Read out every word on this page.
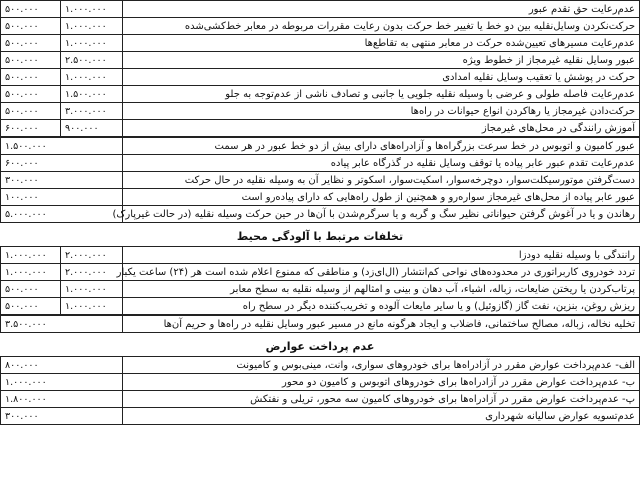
۵۰۰.۰۰۰	۱.۰۰۰.۰۰۰	عدم‌رعایت حق تقدم عبور
۵۰۰.۰۰۰	۱.۰۰۰.۰۰۰	حرکت‌نکردن وسایل‌نقلیه بین دو خط یا تغییر خط حرکت بدون رعایت مقررات مربوطه در معابر خط‌کشی‌شده
۵۰۰.۰۰۰	۱.۰۰۰.۰۰۰	عدم‌رعایت مسیرهای تعیین‌شده حرکت در معابر منتهی به تقاطع‌ها
۵۰۰.۰۰۰	۲.۵۰۰.۰۰۰	عبور وسایل نقلیه غیرمجاز از خطوط ویژه
۵۰۰.۰۰۰	۱.۰۰۰.۰۰۰	حرکت در پوشش یا تعقیب وسایل نقلیه امدادی
۵۰۰.۰۰۰	۱.۵۰۰.۰۰۰	عدم‌رعایت فاصله طولی و عرضی با وسیله نقلیه جلویی یا جانبی و تصادف ناشی از عدم‌توجه به جلو
۵۰۰.۰۰۰	۳.۰۰۰.۰۰۰	حرکت‌دادن غیرمجاز یا رهاکردن انواع حیوانات در راه‌ها
۶۰۰.۰۰۰	۹۰۰.۰۰۰	آموزش رانندگی در محل‌های غیرمجاز
۱.۵۰۰.۰۰۰	عبور کامیون و اتوبوس در خط سرعت بزرگراه‌ها و آزادراه‌های دارای بیش از دو خط عبور در هر سمت
۶۰۰.۰۰۰	عدم‌رعایت تقدم عبور عابر پیاده یا توقف وسایل نقلیه در گذرگاه عابر پیاده
۳۰۰.۰۰۰	دست‌گرفتن موتورسیکلت‌سوار، دوچرخه‌سوار، اسکیت‌سوار، اسکوتر و نظایر آن به وسیله نقلیه در حال حرکت
۱۰۰.۰۰۰	عبور عابر پیاده از محل‌های غیرمجاز سواره‌رو و همچنین از طول راه‌هایی که دارای پیاده‌رو است
۵.۰۰۰.۰۰۰	رهاندن و یا در آغوش گرفتن حیواناتی نظیر سگ و گربه و یا سرگرم‌شدن با آن‌ها در حین حرکت وسیله نقلیه (در حالت غیرپارک)
تخلفات مرتبط با آلودگی محیط
۱.۰۰۰.۰۰۰	۲.۰۰۰.۰۰۰	رانندگی با وسیله نقلیه دودزا
۱.۰۰۰.۰۰۰	۲.۰۰۰.۰۰۰	تردد خودروی کاربراتوری در محدوده‌های نواحی کم‌انتشار (ال‌ای‌زد) و مناطقی که ممنوع اعلام شده است هر (۲۴) ساعت یکبار
۵۰۰.۰۰۰	۱.۰۰۰.۰۰۰	پرتاب‌کردن یا ریختن ضایعات، زباله، اشیاء، آب دهان و بینی و امثالهم از وسیله نقلیه به سطح معابر
۵۰۰.۰۰۰	۱.۰۰۰.۰۰۰	ریزش روغن، بنزین، نفت گاز (گازوئیل) و یا سایر مایعات آلوده و تخریب‌کننده دیگر در سطح راه
۳.۵۰۰.۰۰۰	تخلیه نخاله، زباله، مصالح ساختمانی، فاضلاب و ایجاد هرگونه مانع در مسیر عبور وسایل نقلیه در راه‌ها و حریم آن‌ها
عدم پرداخت عوارض
۸۰۰.۰۰۰	الف- عدم‌پرداخت عوارض مقرر در آزادراه‌ها برای خودروهای سواری، وانت، مینی‌بوس و کامیونت
۱.۰۰۰.۰۰۰	ب- عدم‌پرداخت عوارض مقرر در آزادراه‌ها برای خودروهای اتوبوس و کامیون دو محور
۱.۸۰۰.۰۰۰	پ- عدم‌پرداخت عوارض مقرر در آزادراه‌ها برای خودروهای کامیون سه محور، تریلی و نفتکش
۳۰۰.۰۰۰	عدم‌تسویه عوارض سالیانه شهرداری
